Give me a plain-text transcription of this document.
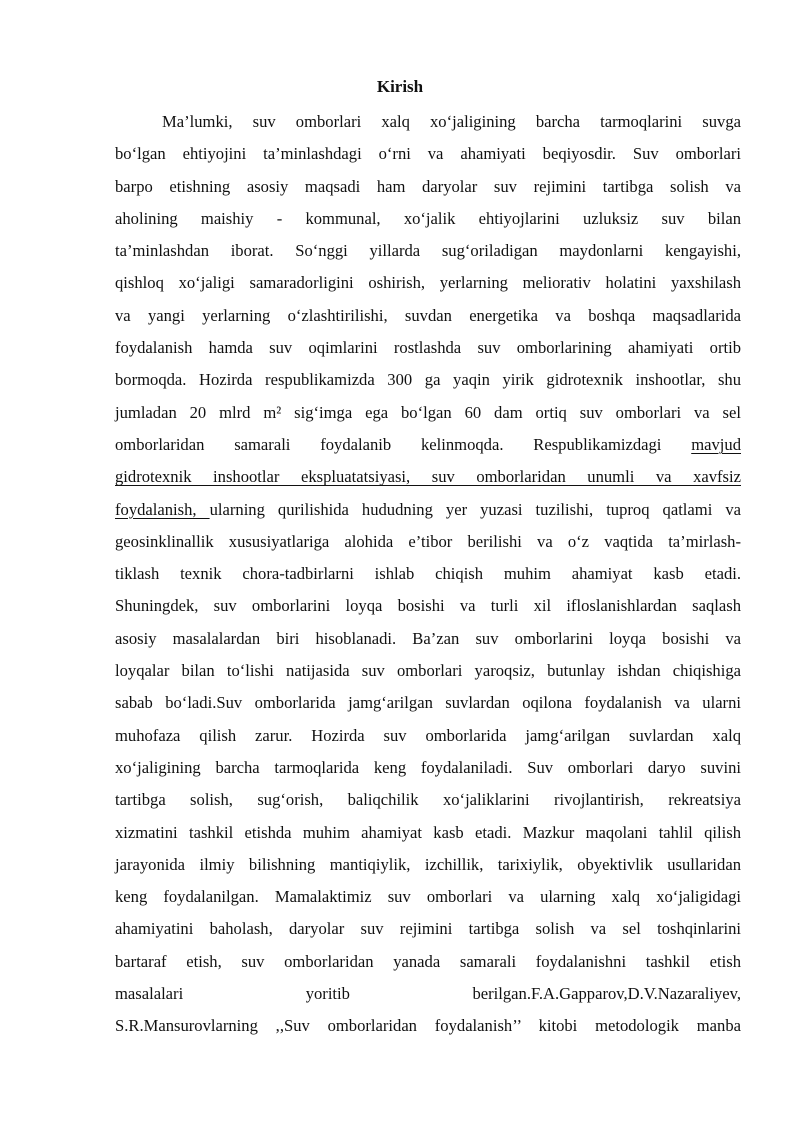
Kirish
Ma’lumki, suv omborlari xalq xo‘jaligining barcha tarmoqlarini suvga
bo‘lgan ehtiyojini ta’minlashdagi o‘rni va ahamiyati beqiyosdir. Suv omborlari
barpo etishning asosiy maqsadi ham daryolar suv rejimini tartibga solish va
aholining maishiy - kommunal, xo‘jalik ehtiyojlarini uzluksiz suv bilan
ta’minlashdan iborat. So‘nggi yillarda sug‘oriladigan maydonlarni kengayishi,
qishloq xo‘jaligi samaradorligini oshirish, yerlarning meliorativ holatini yaxshilash
va yangi yerlarning o‘zlashtirilishi, suvdan energetika va boshqa maqsadlarida
foydalanish hamda suv oqimlarini rostlashda suv omborlarining ahamiyati ortib
bormoqda. Hozirda respublikamizda 300 ga yaqin yirik gidrotexnik inshootlar, shu
jumladan 20 mlrd m² sig‘imga ega bo‘lgan 60 dam ortiq suv omborlari va sel
omborlaridan samarali foydalanib kelinmoqda. Respublikamizdagi mavjud
gidrotexnik inshootlar ekspluatatsiyasi, suv omborlaridan unumli va xavfsiz
foydalanish, ularning qurilishida hududning yer yuzasi tuzilishi, tuproq qatlami va
geosinklinallik xususiyatlariga alohida e’tibor berilishi va o‘z vaqtida ta’mirlash-
tiklash texnik chora-tadbirlarni ishlab chiqish muhim ahamiyat kasb etadi.
Shuningdek, suv omborlarini loyqa bosishi va turli xil ifloslanishlardan saqlash
asosiy masalalardan biri hisoblanadi. Ba’zan suv omborlarini loyqa bosishi va
loyqalar bilan to‘lishi natijasida suv omborlari yaroqsiz, butunlay ishdan chiqishiga
sabab bo‘ladi.Suv omborlarida jamg‘arilgan suvlardan oqilona foydalanish va ularni
muhofaza qilish zarur. Hozirda suv omborlarida jamg‘arilgan suvlardan xalq
xo‘jaligining barcha tarmoqlarida keng foydalaniladi. Suv omborlari daryo suvini
tartibga solish, sug‘orish, baliqchilik xo‘jaliklarini rivojlantirish, rekreatsiya
xizmatini tashkil etishda muhim ahamiyat kasb etadi. Mazkur maqolani tahlil qilish
jarayonida ilmiy bilishning mantiqiylik, izchillik, tarixiylik, obyektivlik usullaridan
keng foydalanilgan. Mamalaktimiz suv omborlari va ularning xalq xo‘jaligidagi
ahamiyatini baholash, daryolar suv rejimini tartibga solish va sel toshqinlarini
bartaraf etish, suv omborlaridan yanada samarali foydalanishni tashkil etish
masalalari yoritib berilgan.F.A.Gapparov,D.V.Nazaraliyev,
S.R.Mansurovlarning ,,Suv omborlaridan foydalanish’’ kitobi metodologik manba
